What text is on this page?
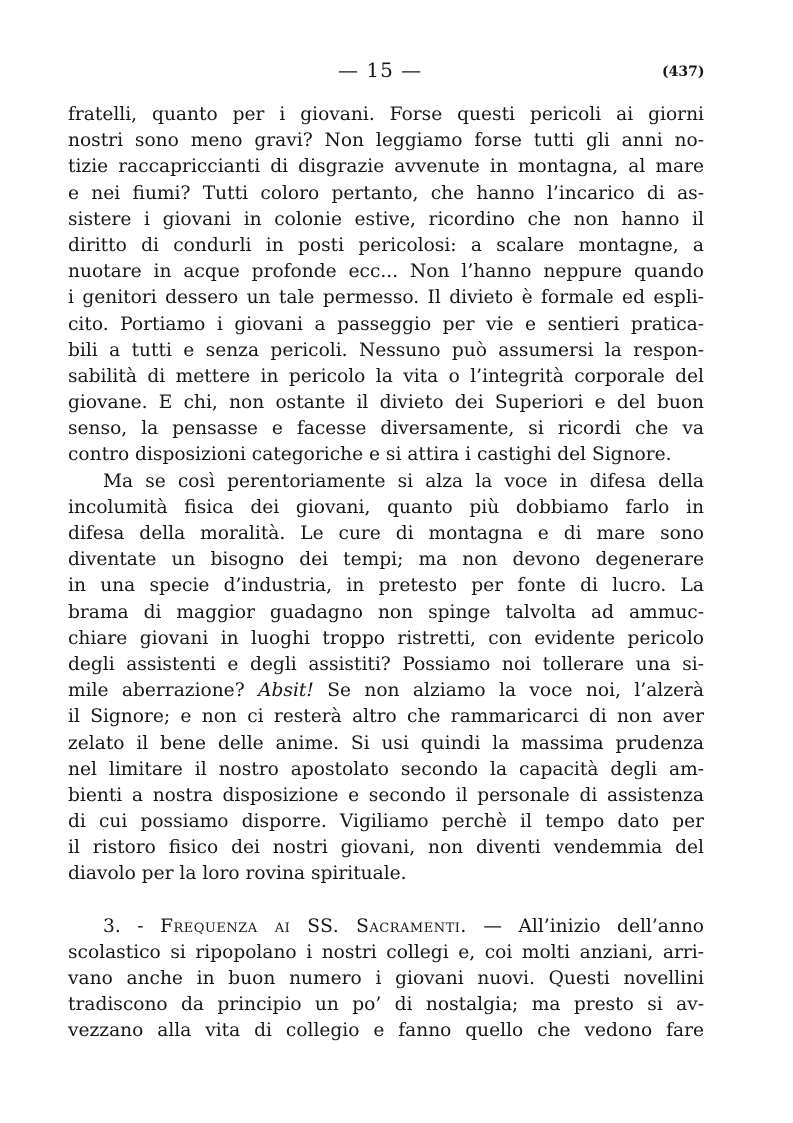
— 15 —	(437)
fratelli, quanto per i giovani. Forse questi pericoli ai giorni
nostri sono meno gravi? Non leggiamo forse tutti gli anni no-
tizie raccapriccianti di disgrazie avvenute in montagna, al mare
e nei fiumi? Tutti coloro pertanto, che hanno l’incarico di as-
sistere i giovani in colonie estive, ricordino che non hanno il
diritto di condurli in posti pericolosi: a scalare montagne, a
nuotare in acque profonde ecc... Non l’hanno neppure quando
i genitori dessero un tale permesso. Il divieto è formale ed espli-
cito. Portiamo i giovani a passeggio per vie e sentieri pratica-
bili a tutti e senza pericoli. Nessuno può assumersi la respon-
sabilità di mettere in pericolo la vita o l’integrità corporale del
giovane. E chi, non ostante il divieto dei Superiori e del buon
senso, la pensasse e facesse diversamente, si ricordi che va
contro disposizioni categoriche e si attira i castighi del Signore.
Ma se così perentoriamente si alza la voce in difesa della
incolumità fisica dei giovani, quanto più dobbiamo farlo in
difesa della moralità. Le cure di montagna e di mare sono
diventate un bisogno dei tempi; ma non devono degenerare
in una specie d’industria, in pretesto per fonte di lucro. La
brama di maggior guadagno non spinge talvolta ad ammuc-
chiare giovani in luoghi troppo ristretti, con evidente pericolo
degli assistenti e degli assistiti? Possiamo noi tollerare una si-
mile aberrazione? Absit! Se non alziamo la voce noi, l’alzerà
il Signore; e non ci resterà altro che rammaricarci di non aver
zelato il bene delle anime. Si usi quindi la massima prudenza
nel limitare il nostro apostolato secondo la capacità degli am-
bienti a nostra disposizione e secondo il personale di assistenza
di cui possiamo disporre. Vigiliamo perchè il tempo dato per
il ristoro fisico dei nostri giovani, non diventi vendemmia del
diavolo per la loro rovina spirituale.
3. - Frequenza ai SS. Sacramenti. — All’inizio dell’anno
scolastico si ripopolano i nostri collegi e, coi molti anziani, arri-
vano anche in buon numero i giovani nuovi. Questi novellini
tradiscono da principio un po’ di nostalgia; ma presto si av-
vezzano alla vita di collegio e fanno quello che vedono fare
